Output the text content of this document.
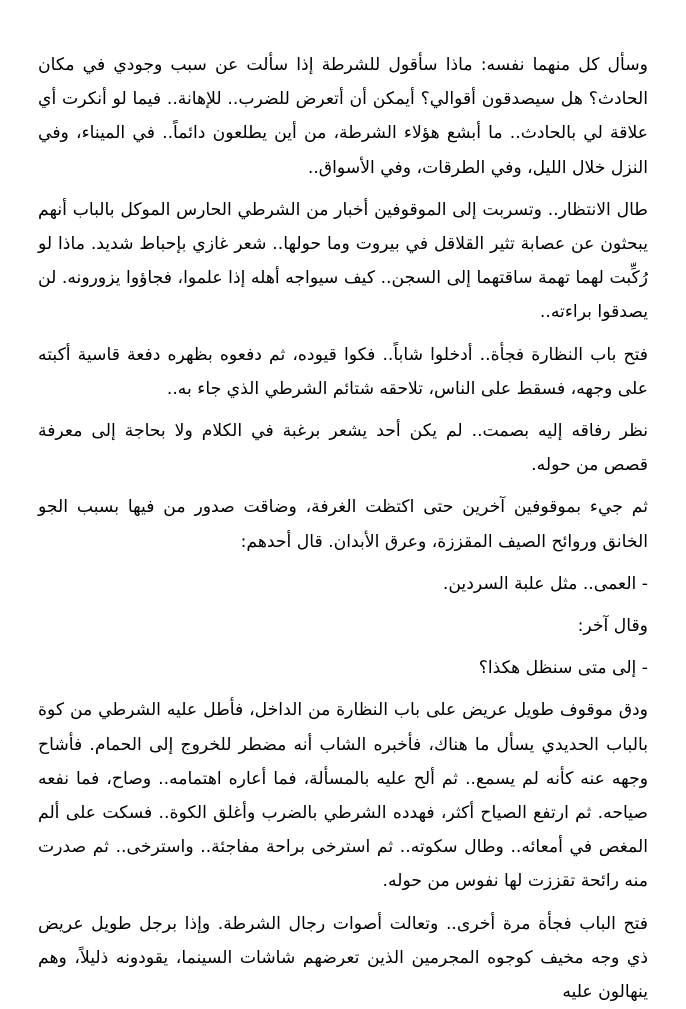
وسأل كل منهما نفسه: ماذا سأقول للشرطة إذا سألت عن سبب وجودي في مكان الحادث؟ هل سيصدقون أقوالي؟ أيمكن أن أتعرض للضرب.. للإهانة.. فيما لو أنكرت أي علاقة لي بالحادث.. ما أبشع هؤلاء الشرطة، من أين يطلعون دائماً.. في الميناء، وفي النزل خلال الليل، وفي الطرقات، وفي الأسواق..

طال الانتظار.. وتسربت إلى الموقوفين أخبار من الشرطي الحارس الموكل بالباب أنهم يبحثون عن عصابة تثير القلاقل في بيروت وما حولها.. شعر غازي بإحباط شديد. ماذا لو رُكِّبت لهما تهمة ساقتهما إلى السجن.. كيف سيواجه أهله إذا علموا، فجاؤوا يزورونه. لن يصدقوا براءته..

فتح باب النظارة فجأة.. أدخلوا شاباً.. فكوا قيوده، ثم دفعوه بظهره دفعة قاسية أكبته على وجهه، فسقط على الناس، تلاحقه شتائم الشرطي الذي جاء به..

نظر رفاقه إليه بصمت.. لم يكن أحد يشعر برغبة في الكلام ولا بحاجة إلى معرفة قصص من حوله.

ثم جيء بموقوفين آخرين حتى اكتظت الغرفة، وضاقت صدور من فيها بسبب الجو الخانق وروائح الصيف المقززة، وعرق الأبدان. قال أحدهم:

- العمى.. مثل علبة السردين.

وقال آخر:

- إلى متى سنظل هكذا؟

ودق موقوف طويل عريض على باب النظارة من الداخل، فأطل عليه الشرطي من كوة بالباب الحديدي يسأل ما هناك، فأخبره الشاب أنه مضطر للخروج إلى الحمام. فأشاح وجهه عنه كأنه لم يسمع.. ثم ألح عليه بالمسألة، فما أعاره اهتمامه.. وصاح، فما نفعه صياحه. ثم ارتفع الصياح أكثر، فهدده الشرطي بالضرب وأغلق الكوة.. فسكت على ألم المغص في أمعائه.. وطال سكوته.. ثم استرخى براحة مفاجئة.. واسترخى.. ثم صدرت منه رائحة تقززت لها نفوس من حوله.

فتح الباب فجأة مرة أخرى.. وتعالت أصوات رجال الشرطة. وإذا برجل طويل عريض ذي وجه مخيف كوجوه المجرمين الذين تعرضهم شاشات السينما، يقودونه ذليلاً، وهم ينهالون عليه
